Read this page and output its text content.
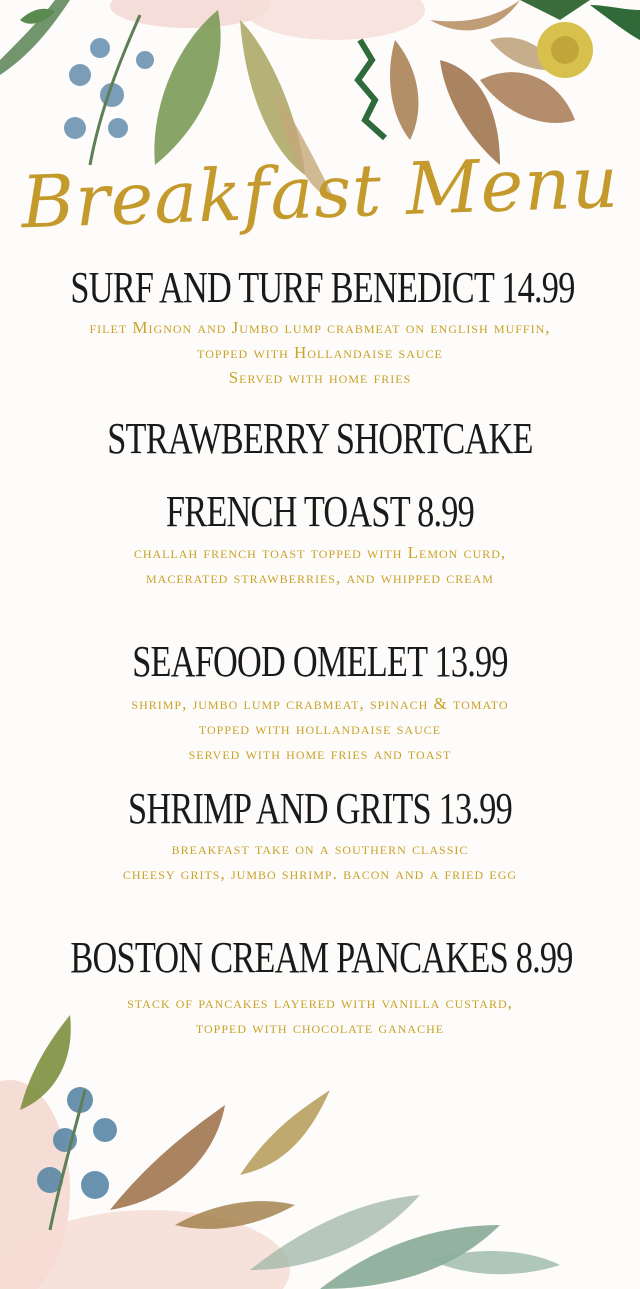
Breakfast Menu
SURF AND TURF BENEDICT 14.99
filet Mignon and Jumbo lump crabmeat on english muffin,
topped with Hollandaise sauce
Served with home fries
STRAWBERRY SHORTCAKE
FRENCH TOAST 8.99
challah french toast topped with Lemon curd,
macerated strawberries, and whipped cream
SEAFOOD OMELET 13.99
shrimp, jumbo lump crabmeat, spinach & tomato
topped with hollandaise sauce
served with home fries and toast
SHRIMP AND GRITS 13.99
breakfast take on a southern classic
cheesy grits, jumbo shrimp. bacon and a fried egg
BOSTON CREAM PANCAKES 8.99
stack of pancakes layered with vanilla custard,
topped with chocolate ganache
